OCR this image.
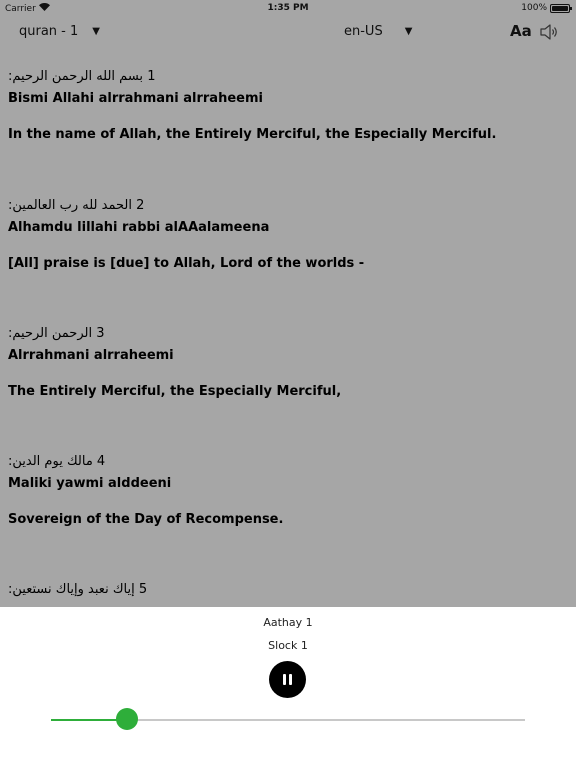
Carrier	1:35 PM	100%
quran - 1 ▼	en-US ▼	Aa
بسم الله الرحمن الرحيم: 1
Bismi Allahi alrrahmani alrraheemi
In the name of Allah, the Entirely Merciful, the Especially Merciful.
الحمد لله رب العالمين: 2
Alhamdu lillahi rabbi alAAalameena
[All] praise is [due] to Allah, Lord of the worlds -
الرحمن الرحيم: 3
Alrrahmani alrraheemi
The Entirely Merciful, the Especially Merciful,
مالك يوم الدين: 4
Maliki yawmi alddeeni
Sovereign of the Day of Recompense.
إياك نعبد وإياك نستعين: 5
Aathay 1
Slock 1
